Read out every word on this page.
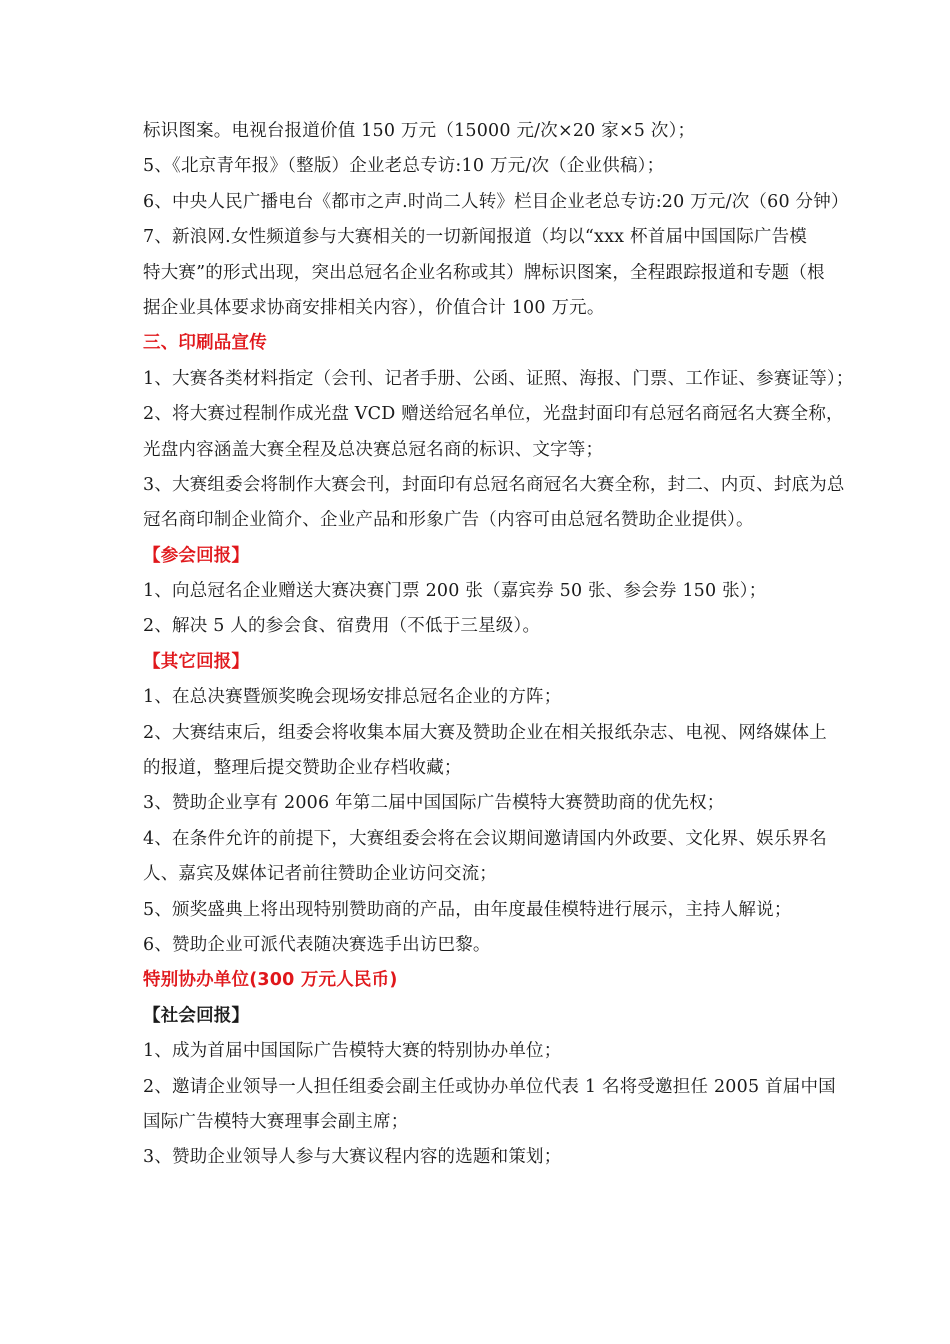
标识图案。电视台报道价值 150 万元（15000 元/次×20 家×5 次）；
5、《北京青年报》（整版）企业老总专访:10 万元/次（企业供稿）；
6、中央人民广播电台《都市之声.时尚二人转》栏目企业老总专访:20 万元/次（60 分钟）
7、新浪网.女性频道参与大赛相关的一切新闻报道（均以“xxx 杯首届中国国际广告模
特大赛”的形式出现，突出总冠名企业名称或其）牌标识图案，全程跟踪报道和专题（根
据企业具体要求协商安排相关内容），价值合计 100 万元。
三、印刷品宣传
1、大赛各类材料指定（会刊、记者手册、公函、证照、海报、门票、工作证、参赛证等）；
2、将大赛过程制作成光盘 VCD 赠送给冠名单位，光盘封面印有总冠名商冠名大赛全称，
光盘内容涵盖大赛全程及总决赛总冠名商的标识、文字等；
3、大赛组委会将制作大赛会刊，封面印有总冠名商冠名大赛全称，封二、内页、封底为总
冠名商印制企业简介、企业产品和形象广告（内容可由总冠名赞助企业提供）。
【参会回报】
1、向总冠名企业赠送大赛决赛门票 200 张（嘉宾券 50 张、参会券 150 张）；
2、解决 5 人的参会食、宿费用（不低于三星级）。
【其它回报】
1、在总决赛暨颁奖晚会现场安排总冠名企业的方阵；
2、大赛结束后，组委会将收集本届大赛及赞助企业在相关报纸杂志、电视、网络媒体上
的报道，整理后提交赞助企业存档收藏；
3、赞助企业享有 2006 年第二届中国国际广告模特大赛赞助商的优先权；
4、在条件允许的前提下，大赛组委会将在会议期间邀请国内外政要、文化界、娱乐界名
人、嘉宾及媒体记者前往赞助企业访问交流；
5、颁奖盛典上将出现特别赞助商的产品，由年度最佳模特进行展示，主持人解说；
6、赞助企业可派代表随决赛选手出访巴黎。
特别协办单位(300 万元人民币)
【社会回报】
1、成为首届中国国际广告模特大赛的特别协办单位；
2、邀请企业领导一人担任组委会副主任或协办单位代表 1 名将受邀担任 2005 首届中国
国际广告模特大赛理事会副主席；
3、赞助企业领导人参与大赛议程内容的选题和策划；
